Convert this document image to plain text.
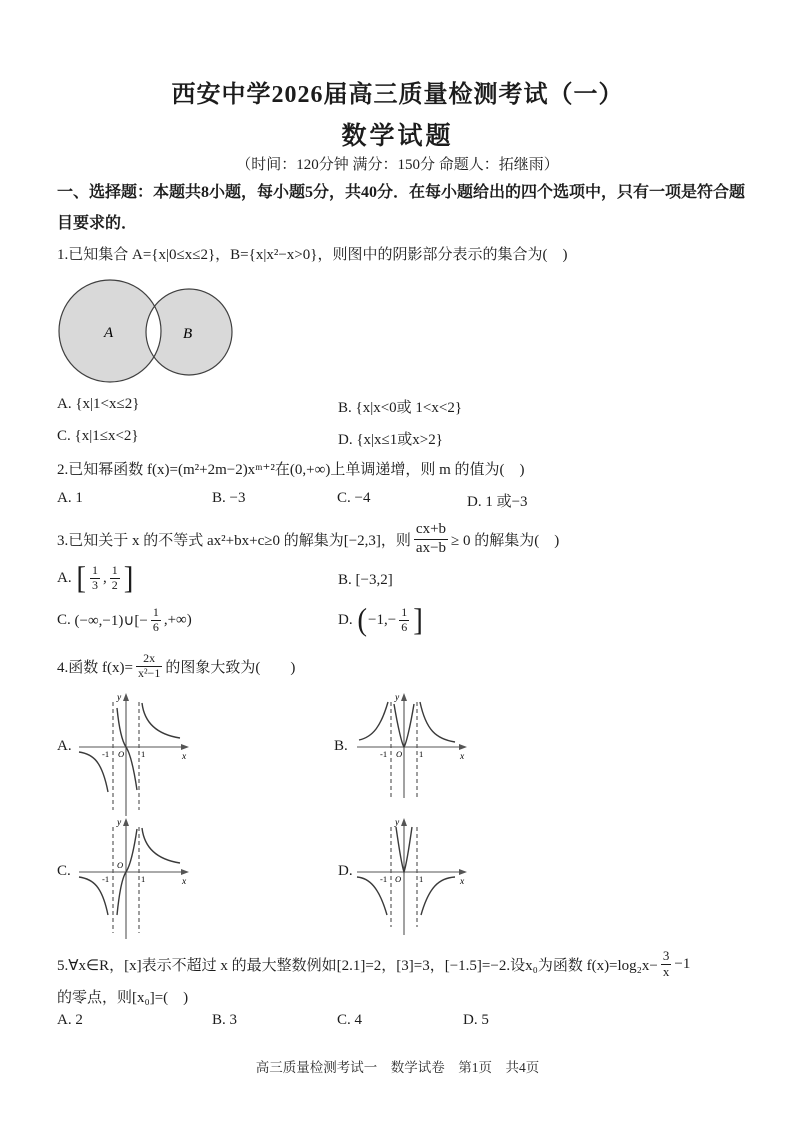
西安中学2026届高三质量检测考试（一）
数学试题
（时间：120分钟 满分：150分 命题人：拓继雨）
一、选择题：本题共8小题，每小题5分，共40分．在每小题给出的四个选项中，只有一项是符合题目要求的．
1.已知集合 A={x|0≤x≤2}，B={x|x²−x>0}，则图中的阴影部分表示的集合为(　)
A	B
A. {x|1<x≤2}	B. {x|x<0或 1<x<2}
C. {x|1≤x<2}	D. {x|x≤1或x>2}
2.已知幂函数 f(x)=(m²+2m−2)xᵐ⁺²在(0,+∞)上单调递增，则 m 的值为(　)
A. 1	B. −3	C. −4	D. 1 或−3
3.已知关于 x 的不等式 ax²+bx+c≥0 的解集为[−2,3]，则 $\frac{cx+b}{ax-b} \ge 0$ 的解集为(　)
A.
[ $\frac{1}{3}$ , $\frac{1}{2}$ ]	B. [−3,2]
C.
(−∞,−1)∪[− $\frac{1}{6}$ ,+∞)	D.
( $-1,- \frac{1}{6}$ ]
4.函数 $f(x)= \frac{2x}{\text{x²−1}}$ 的图象大致为(　　)
A.	-1 O 1	x
y
B.	-1 O 1	x
y
C.	-1
O
1	x
y
D.	-1 O 1	x
y
5.∀x∈R，[x]表示不超过 x 的最大整数例如[2.1]=2，[3]=3，[−1.5]=−2.设x₀为函数 $f(x)=\log_2x- \frac{3}{x} -1$
的零点，则[x₀]=(　)
A. 2	B. 3	C. 4	D. 5
高三质量检测考试一　数学试卷　第1页　共4页
